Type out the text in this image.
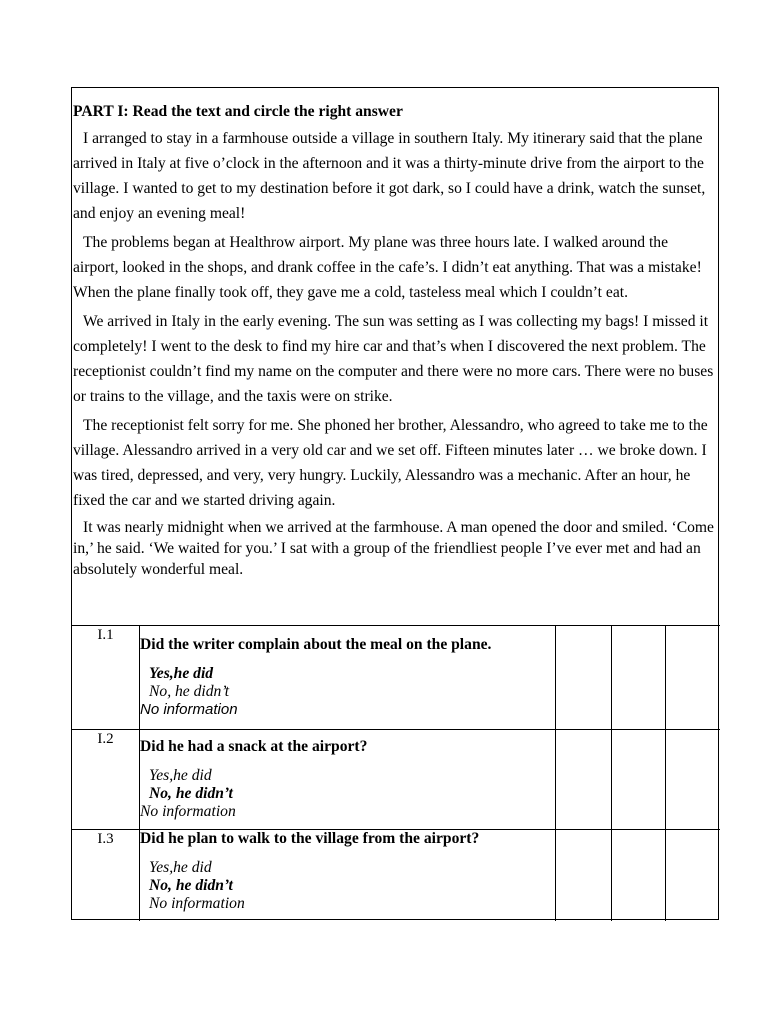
PART I: Read the text and circle the right answer

I arranged to stay in a farmhouse outside a village in southern Italy. My itinerary said that the plane arrived in Italy at five o’clock in the afternoon and it was a thirty-minute drive from the airport to the village. I wanted to get to my destination before it got dark, so I could have a drink, watch the sunset, and enjoy an evening meal!

The problems began at Healthrow airport. My plane was three hours late. I walked around the airport, looked in the shops, and drank coffee in the cafe’s. I didn’t eat anything. That was a mistake! When the plane finally took off, they gave me a cold, tasteless meal which I couldn’t eat.

We arrived in Italy in the early evening. The sun was setting as I was collecting my bags! I missed it completely! I went to the desk to find my hire car and that’s when I discovered the next problem. The receptionist couldn’t find my name on the computer and there were no more cars. There were no buses or trains to the village, and the taxis were on strike.

The receptionist felt sorry for me. She phoned her brother, Alessandro, who agreed to take me to the village. Alessandro arrived in a very old car and we set off. Fifteen minutes later … we broke down. I was tired, depressed, and very, very hungry. Luckily, Alessandro was a mechanic. After an hour, he fixed the car and we started driving again.

It was nearly midnight when we arrived at the farmhouse. A man opened the door and smiled. ‘Come in,’ he said. ‘We waited for you.’ I sat with a group of the friendliest people I’ve ever met and had an absolutely wonderful meal.

I.1
Did the writer complain about the meal on the plane.
Yes,he did
No, he didn’t
No information
I.2	Did he had a snack at the airport?
Yes,he did
No, he didn’t
No information
I.3	Did he plan to walk to the village from the airport?
Yes,he did
No, he didn’t
No information
